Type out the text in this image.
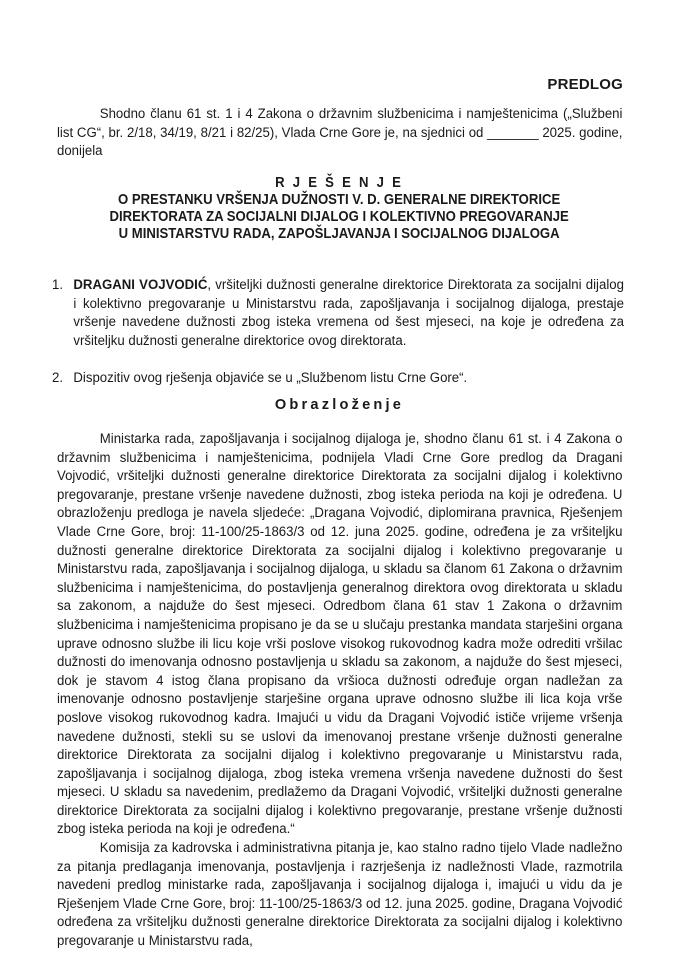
PREDLOG

Shodno članu 61 st. 1 i 4 Zakona o državnim službenicima i namještenicima („Službeni list CG“, br. 2/18, 34/19, 8/21 i 82/25), Vlada Crne Gore je, na sjednici od _______ 2025. godine, donijela

R J E Š E N J E
O PRESTANKU VRŠENJA DUŽNOSTI V. D. GENERALNE DIREKTORICE
DIREKTORATA ZA SOCIJALNI DIJALOG I KOLEKTIVNO PREGOVARANJE
U MINISTARSTVU RADA, ZAPOŠLJAVANJA I SOCIJALNOG DIJALOGA
1. DRAGANI VOJVODIĆ, vršiteljki dužnosti generalne direktorice Direktorata za socijalni dijalog i kolektivno pregovaranje u Ministarstvu rada, zapošljavanja i socijalnog dijaloga, prestaje vršenje navedene dužnosti zbog isteka vremena od šest mjeseci, na koje je određena za vršiteljku dužnosti generalne direktorice ovog direktorata.
2. Dispozitiv ovog rješenja objaviće se u „Službenom listu Crne Gore“.
Obrazloženje

Ministarka rada, zapošljavanja i socijalnog dijaloga je, shodno članu 61 st. i 4 Zakona o državnim službenicima i namještenicima, podnijela Vladi Crne Gore predlog da Dragani Vojvodić, vršiteljki dužnosti generalne direktorice Direktorata za socijalni dijalog i kolektivno pregovaranje, prestane vršenje navedene dužnosti, zbog isteka perioda na koji je određena. U obrazloženju predloga je navela sljedeće: „Dragana Vojvodić, diplomirana pravnica, Rješenjem Vlade Crne Gore, broj: 11-100/25-1863/3 od 12. juna 2025. godine, određena je za vršiteljku dužnosti generalne direktorice Direktorata za socijalni dijalog i kolektivno pregovaranje u Ministarstvu rada, zapošljavanja i socijalnog dijaloga, u skladu sa članom 61 Zakona o državnim službenicima i namještenicima, do postavljenja generalnog direktora ovog direktorata u skladu sa zakonom, a najduže do šest mjeseci. Odredbom člana 61 stav 1 Zakona o državnim službenicima i namještenicima propisano je da se u slučaju prestanka mandata starješini organa uprave odnosno službe ili licu koje vrši poslove visokog rukovodnog kadra može odrediti vršilac dužnosti do imenovanja odnosno postavljenja u skladu sa zakonom, a najduže do šest mjeseci, dok je stavom 4 istog člana propisano da vršioca dužnosti određuje organ nadležan za imenovanje odnosno postavljenje starješine organa uprave odnosno službe ili lica koja vrše poslove visokog rukovodnog kadra. Imajući u vidu da Dragani Vojvodić ističe vrijeme vršenja navedene dužnosti, stekli su se uslovi da imenovanoj prestane vršenje dužnosti generalne direktorice Direktorata za socijalni dijalog i kolektivno pregovaranje u Ministarstvu rada, zapošljavanja i socijalnog dijaloga, zbog isteka vremena vršenja navedene dužnosti do šest mjeseci. U skladu sa navedenim, predlažemo da Dragani Vojvodić, vršiteljki dužnosti generalne direktorice Direktorata za socijalni dijalog i kolektivno pregovaranje, prestane vršenje dužnosti zbog isteka perioda na koji je određena.“

Komisija za kadrovska i administrativna pitanja je, kao stalno radno tijelo Vlade nadležno za pitanja predlaganja imenovanja, postavljenja i razrješenja iz nadležnosti Vlade, razmotrila navedeni predlog ministarke rada, zapošljavanja i socijalnog dijaloga i, imajući u vidu da je Rješenjem Vlade Crne Gore, broj: 11-100/25-1863/3 od 12. juna 2025. godine, Dragana Vojvodić određena za vršiteljku dužnosti generalne direktorice Direktorata za socijalni dijalog i kolektivno pregovaranje u Ministarstvu rada,
